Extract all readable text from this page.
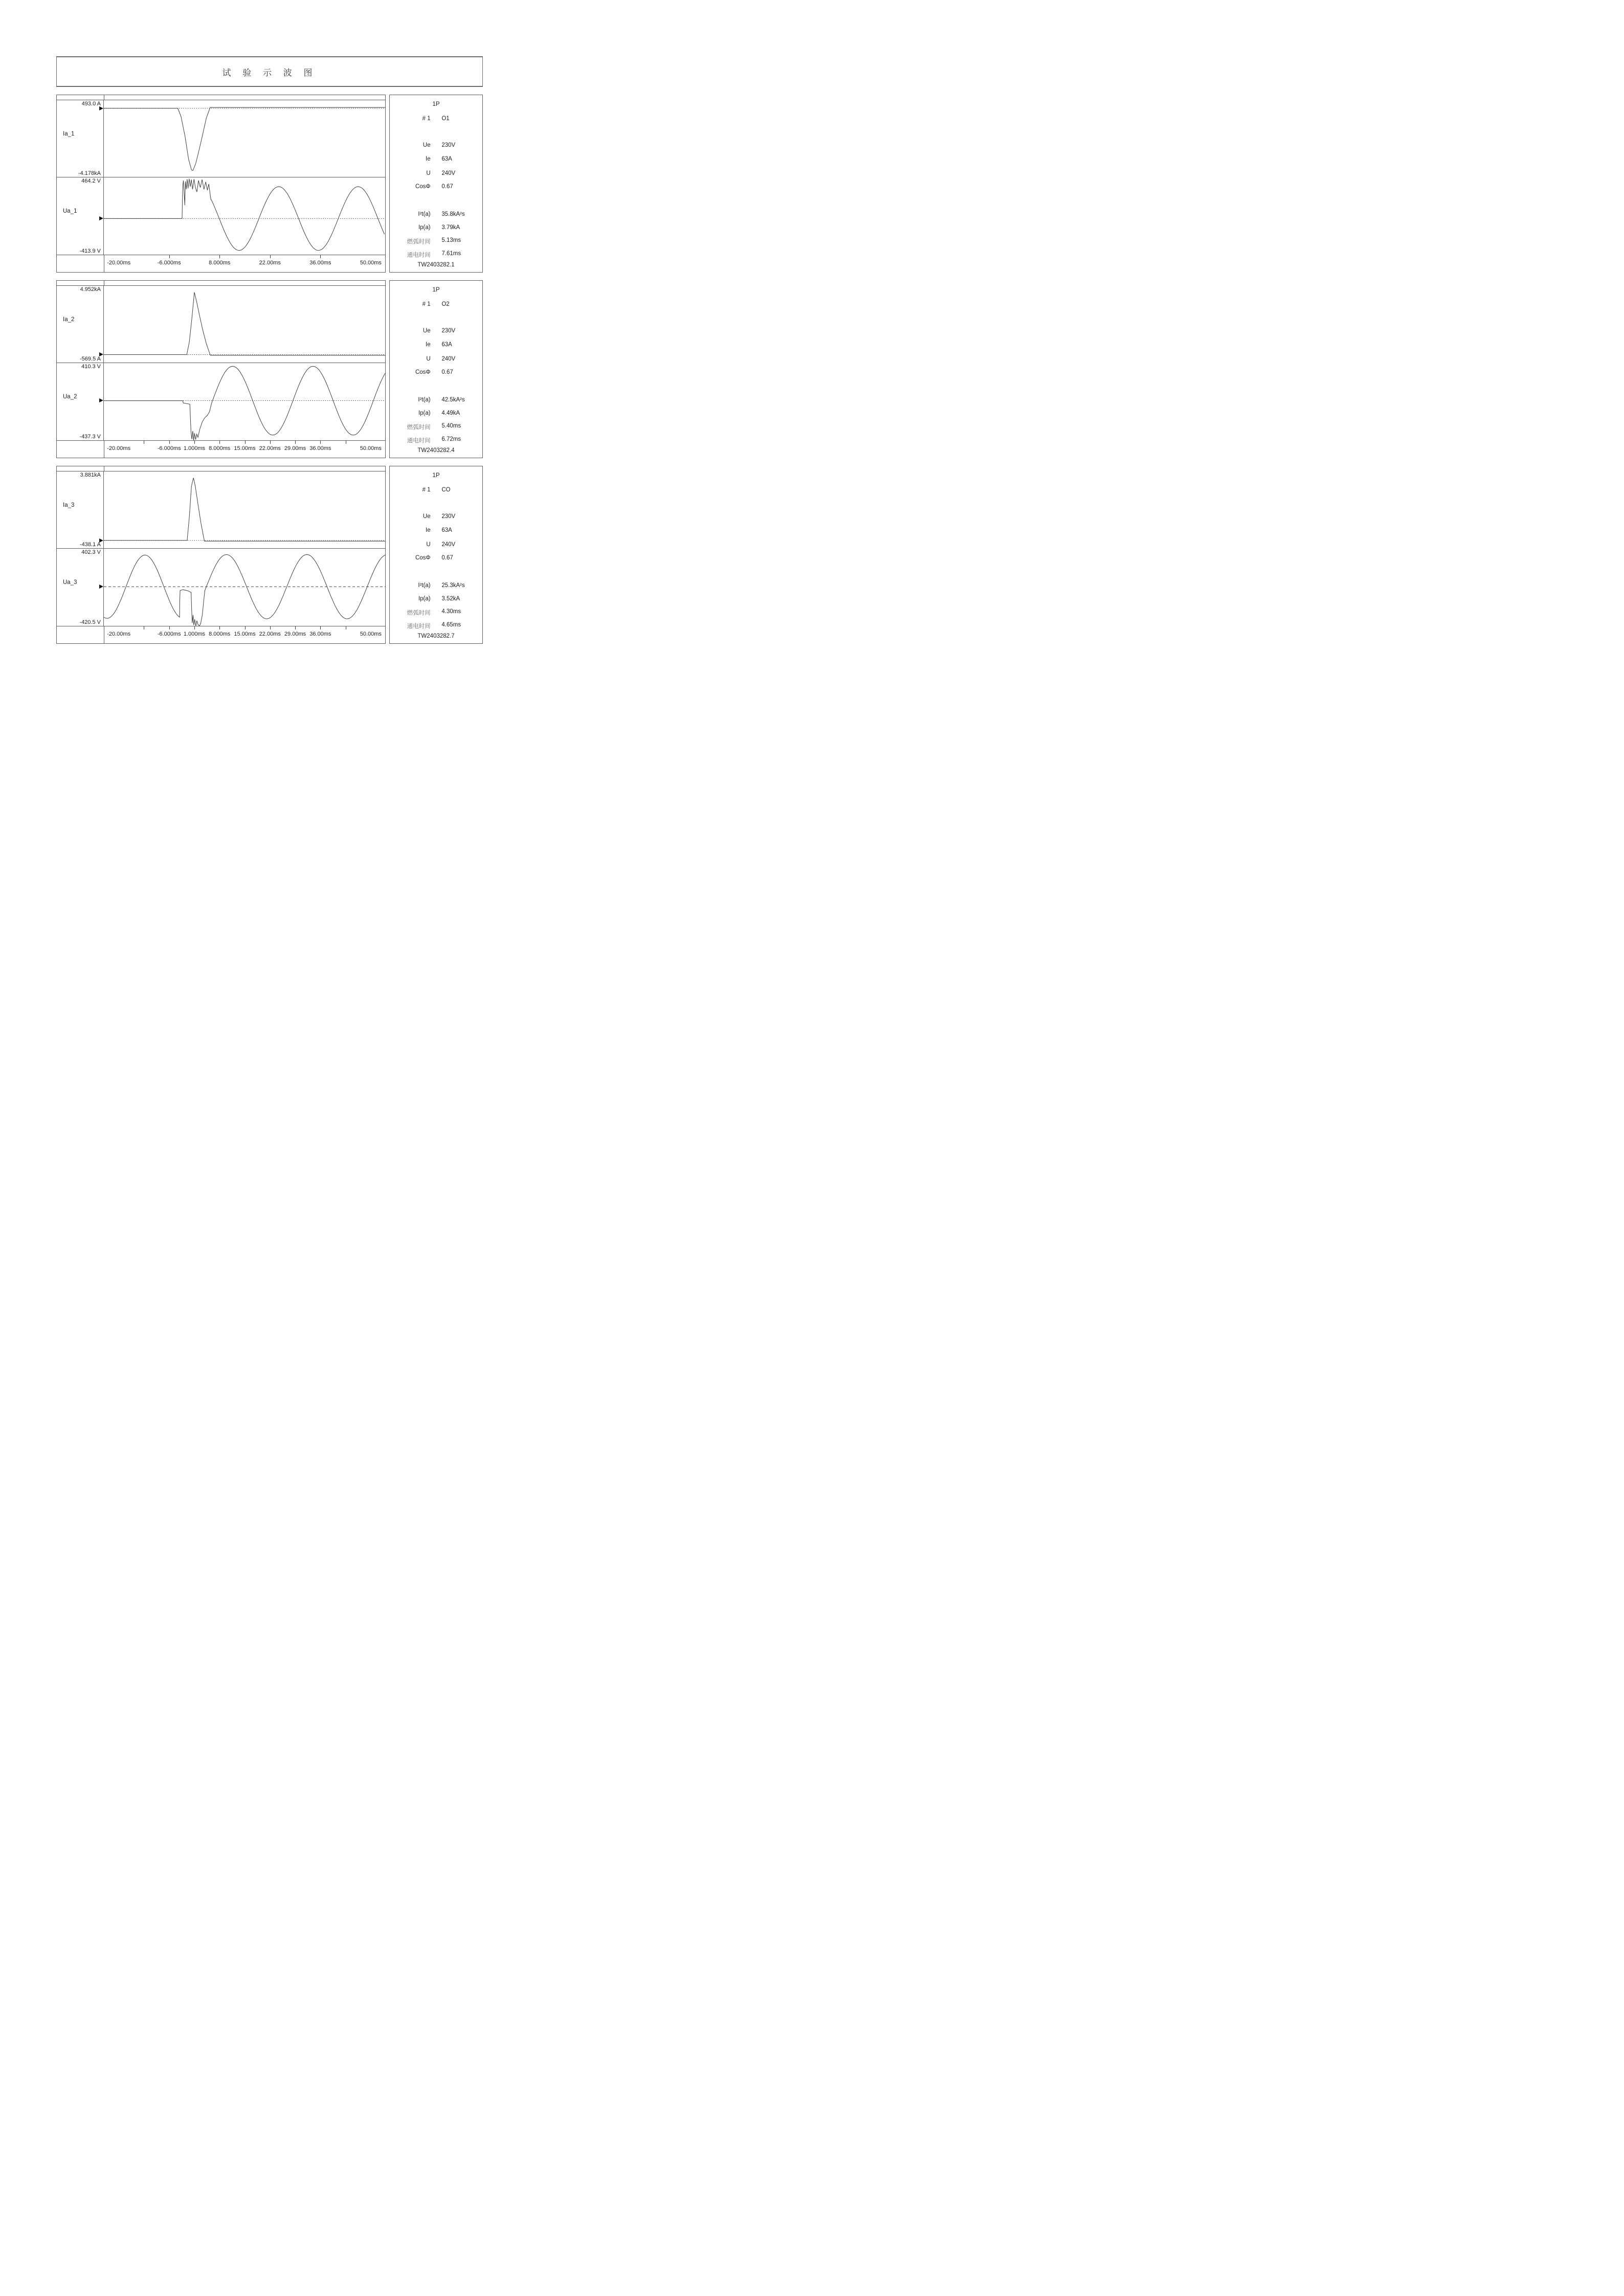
试 验 示 波 图
493.0 A
Ia_1
-4.178kA
464.2 V
Ua_1
-413.9 V
-20.00ms	-6.000ms	8.000ms	22.00ms	36.00ms	50.00ms
1P
# 1 O1
Ue 230V
Ie 63A
U 240V
CosΦ 0.67
I²t(a) 35.8kA²s
Ip(a) 3.79kA
燃弧时间 5.13ms
通电时间 7.61ms
TW2403282.1
4.952kA
Ia_2
-569.5 A
410.3 V
Ua_2
-437.3 V
-20.00ms	-6.000ms 1.000ms 8.000ms 15.00ms 22.00ms 29.00ms 36.00ms	50.00ms
1P
# 1 O2
Ue 230V
Ie 63A
U 240V
CosΦ 0.67
I²t(a) 42.5kA²s
Ip(a) 4.49kA
燃弧时间 5.40ms
通电时间 6.72ms
TW2403282.4
3.881kA
Ia_3
-438.1 A
402.3 V
Ua_3
-420.5 V
-20.00ms	-6.000ms 1.000ms 8.000ms 15.00ms 22.00ms 29.00ms 36.00ms	50.00ms
1P
# 1 CO
Ue 230V
Ie 63A
U 240V
CosΦ 0.67
I²t(a) 25.3kA²s
Ip(a) 3.52kA
燃弧时间 4.30ms
通电时间 4.65ms
TW2403282.7
